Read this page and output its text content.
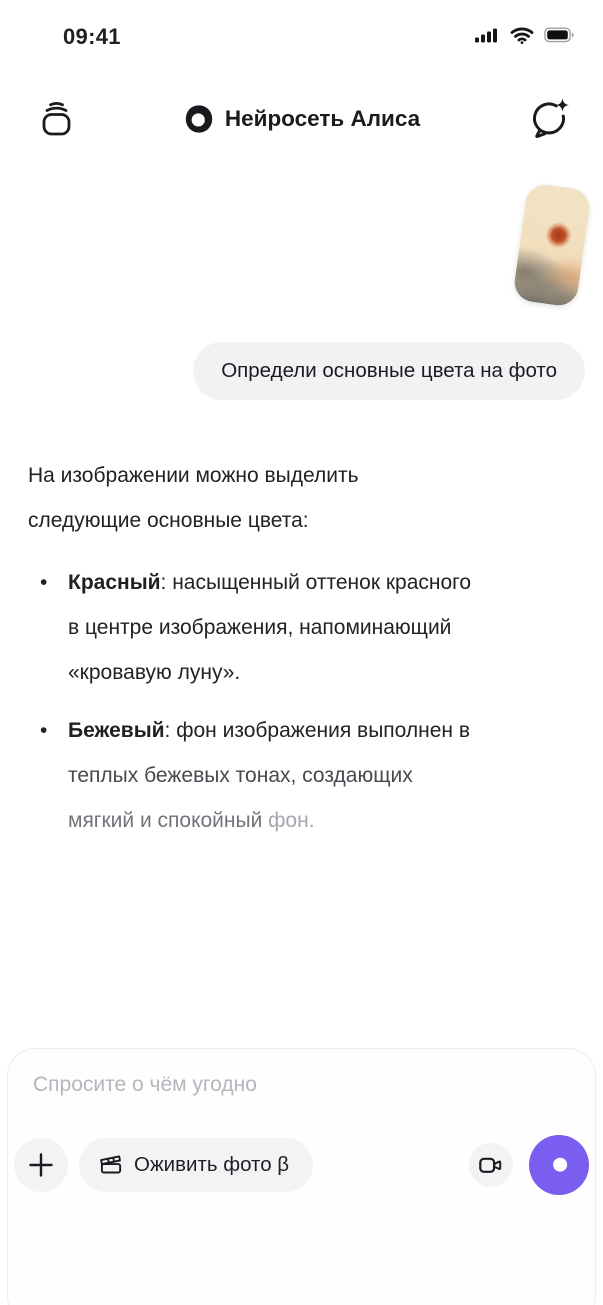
09:41
Нейросеть Алиса
Определи основные цвета на фото

На изображении можно выделить
следующие основные цвета:

• Красный: насыщенный оттенок красного
в центре изображения, напоминающий
«кровавую луну».

• Бежевый: фон изображения выполнен в
теплых бежевых тонах, создающих
мягкий и спокойный фон.

Спросите о чём угодно
Оживить фото β
